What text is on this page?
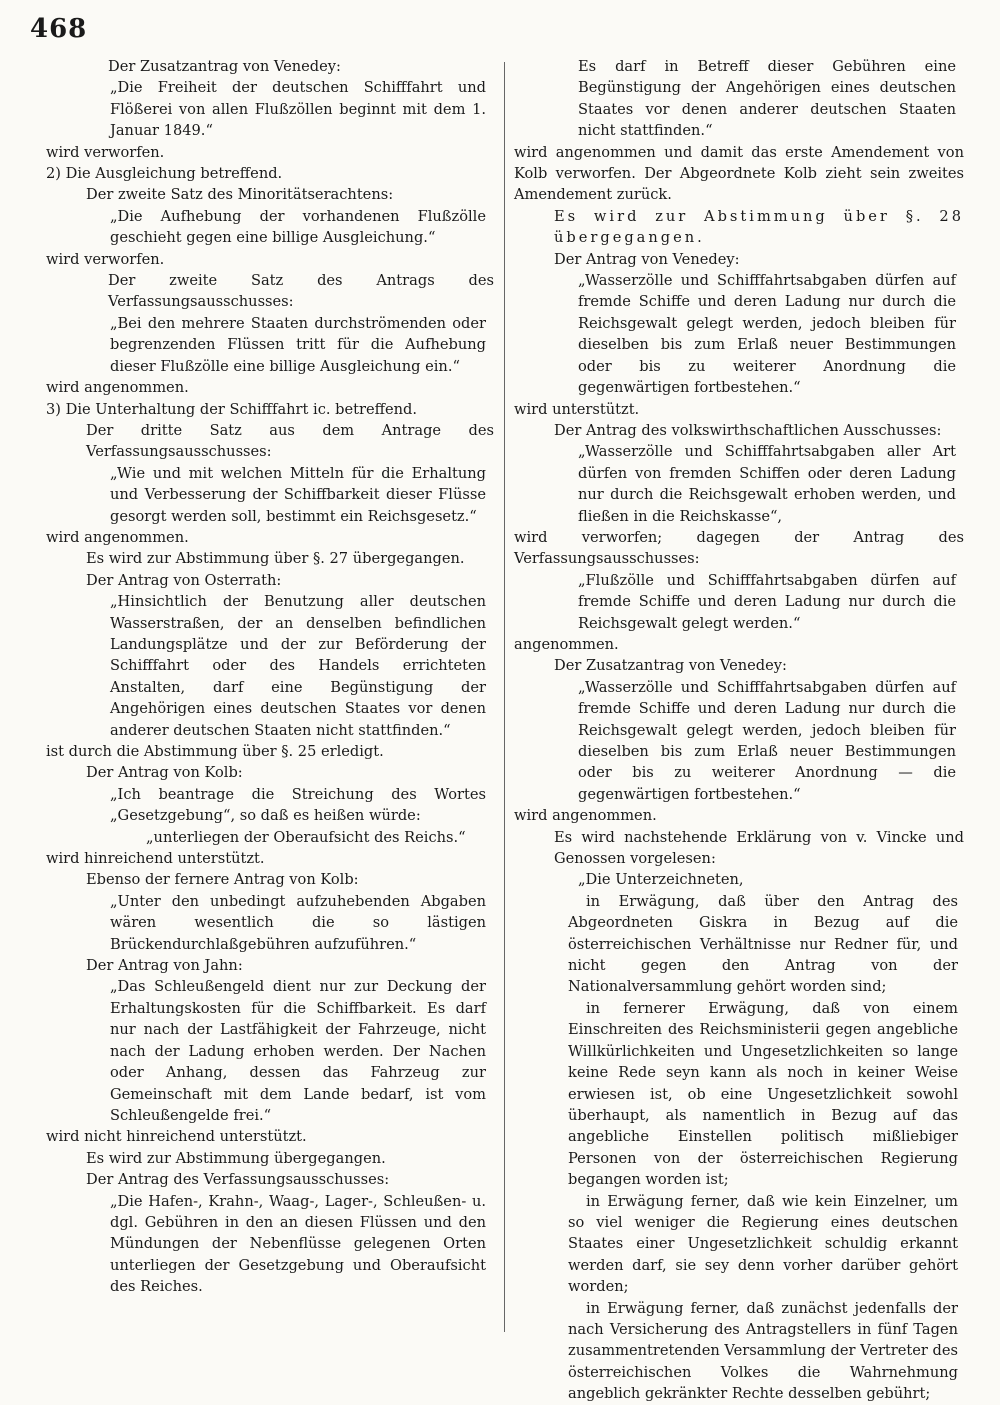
468

Der Zusatzantrag von Venedey:

„Die Freiheit der deutschen Schifffahrt und Flößerei von allen Flußzöllen beginnt mit dem 1. Januar 1849.“

wird verworfen.

2) Die Ausgleichung betreffend.

Der zweite Satz des Minoritätserachtens:

„Die Aufhebung der vorhandenen Flußzölle geschieht gegen eine billige Ausgleichung.“

wird verworfen.

Der zweite Satz des Antrags des Verfassungsausschusses:

„Bei den mehrere Staaten durchströmenden oder begrenzenden Flüssen tritt für die Aufhebung dieser Flußzölle eine billige Ausgleichung ein.“

wird angenommen.

3) Die Unterhaltung der Schifffahrt ic. betreffend.

Der dritte Satz aus dem Antrage des Verfassungsausschusses:

„Wie und mit welchen Mitteln für die Erhaltung und Verbesserung der Schiffbarkeit dieser Flüsse gesorgt werden soll, bestimmt ein Reichsgesetz.“

wird angenommen.

Es wird zur Abstimmung über §. 27 übergegangen.

Der Antrag von Osterrath:

„Hinsichtlich der Benutzung aller deutschen Wasserstraßen, der an denselben befindlichen Landungsplätze und der zur Beförderung der Schifffahrt oder des Handels errichteten Anstalten, darf eine Begünstigung der Angehörigen eines deutschen Staates vor denen anderer deutschen Staaten nicht stattfinden.“

ist durch die Abstimmung über §. 25 erledigt.

Der Antrag von Kolb:

„Ich beantrage die Streichung des Wortes „Gesetzgebung“, so daß es heißen würde:

„unterliegen der Oberaufsicht des Reichs.“

wird hinreichend unterstützt.

Ebenso der fernere Antrag von Kolb:

„Unter den unbedingt aufzuhebenden Abgaben wären wesentlich die so lästigen Brückendurchlaßgebühren aufzuführen.“

Der Antrag von Jahn:

„Das Schleußengeld dient nur zur Deckung der Erhaltungskosten für die Schiffbarkeit. Es darf nur nach der Lastfähigkeit der Fahrzeuge, nicht nach der Ladung erhoben werden. Der Nachen oder Anhang, dessen das Fahrzeug zur Gemeinschaft mit dem Lande bedarf, ist vom Schleußengelde frei.“

wird nicht hinreichend unterstützt.

Es wird zur Abstimmung übergegangen.

Der Antrag des Verfassungsausschusses:

„Die Hafen-, Krahn-, Waag-, Lager-, Schleußen- u. dgl. Gebühren in den an diesen Flüssen und den Mündungen der Nebenflüsse gelegenen Orten unterliegen der Gesetzgebung und Oberaufsicht des Reiches.

Es darf in Betreff dieser Gebühren eine Begünstigung der Angehörigen eines deutschen Staates vor denen anderer deutschen Staaten nicht stattfinden.“

wird angenommen und damit das erste Amendement von Kolb verworfen. Der Abgeordnete Kolb zieht sein zweites Amendement zurück.

Es wird zur Abstimmung über §. 28 übergegangen.

Der Antrag von Venedey:

„Wasserzölle und Schifffahrtsabgaben dürfen auf fremde Schiffe und deren Ladung nur durch die Reichsgewalt gelegt werden, jedoch bleiben für dieselben bis zum Erlaß neuer Bestimmungen oder bis zu weiterer Anordnung die gegenwärtigen fortbestehen.“

wird unterstützt.

Der Antrag des volkswirthschaftlichen Ausschusses:

„Wasserzölle und Schifffahrtsabgaben aller Art dürfen von fremden Schiffen oder deren Ladung nur durch die Reichsgewalt erhoben werden, und fließen in die Reichskasse“,

wird verworfen; dagegen der Antrag des Verfassungsausschusses:

„Flußzölle und Schifffahrtsabgaben dürfen auf fremde Schiffe und deren Ladung nur durch die Reichsgewalt gelegt werden.“

angenommen.

Der Zusatzantrag von Venedey:

„Wasserzölle und Schifffahrtsabgaben dürfen auf fremde Schiffe und deren Ladung nur durch die Reichsgewalt gelegt werden, jedoch bleiben für dieselben bis zum Erlaß neuer Bestimmungen oder bis zu weiterer Anordnung — die gegenwärtigen fortbestehen.“

wird angenommen.

Es wird nachstehende Erklärung von v. Vincke und Genossen vorgelesen:

„Die Unterzeichneten,

in Erwägung, daß über den Antrag des Abgeordneten Giskra in Bezug auf die österreichischen Verhältnisse nur Redner für, und nicht gegen den Antrag von der Nationalversammlung gehört worden sind;

in fernerer Erwägung, daß von einem Einschreiten des Reichsministerii gegen angebliche Willkürlichkeiten und Ungesetzlichkeiten so lange keine Rede seyn kann als noch in keiner Weise erwiesen ist, ob eine Ungesetzlichkeit sowohl überhaupt, als namentlich in Bezug auf das angebliche Einstellen politisch mißliebiger Personen von der österreichischen Regierung begangen worden ist;

in Erwägung ferner, daß wie kein Einzelner, um so viel weniger die Regierung eines deutschen Staates einer Ungesetzlichkeit schuldig erkannt werden darf, sie sey denn vorher darüber gehört worden;

in Erwägung ferner, daß zunächst jedenfalls der nach Versicherung des Antragstellers in fünf Tagen zusammentretenden Versammlung der Vertreter des österreichischen Volkes die Wahrnehmung angeblich gekränkter Rechte desselben gebührt;
